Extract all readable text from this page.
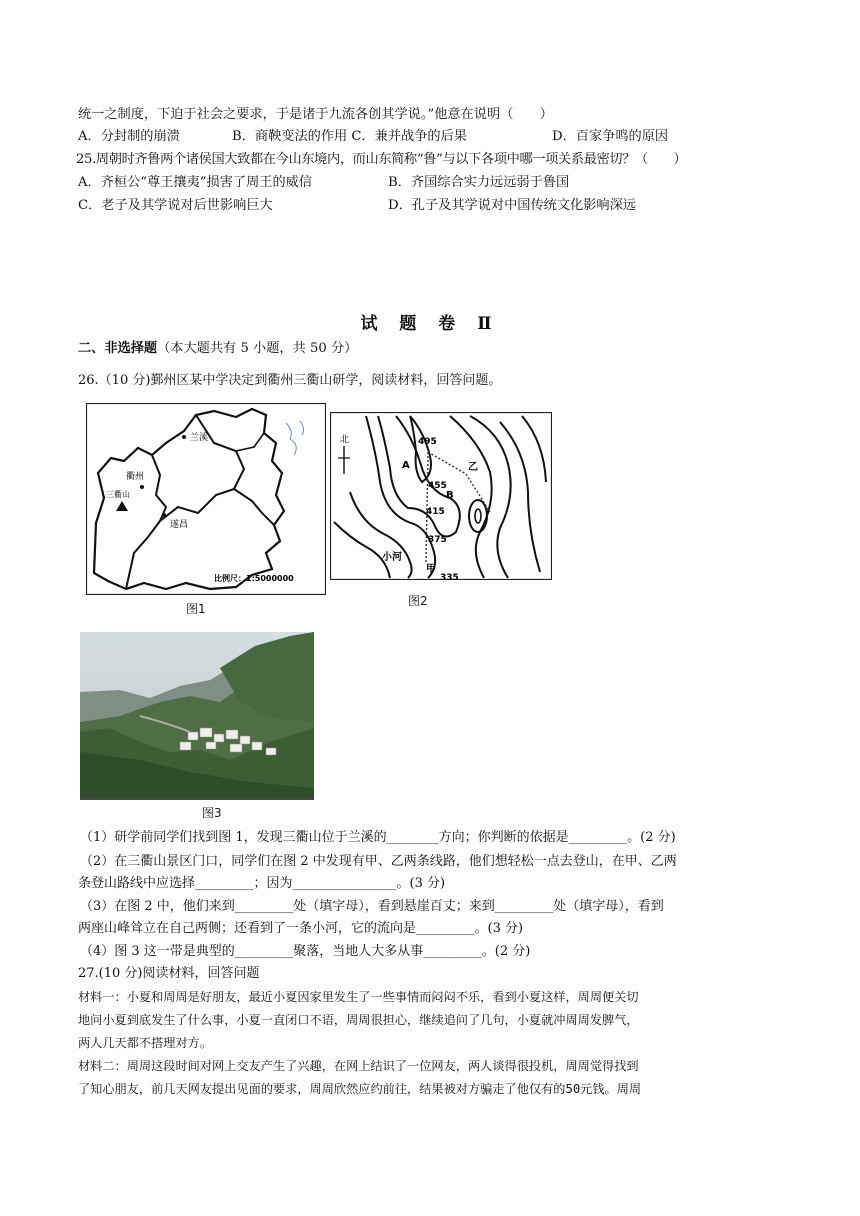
统一之制度，下迫于社会之要求，于是诸于九流各创其学说。”他意在说明（　　）
A．分封制的崩溃	B．商鞅变法的作用 C．兼并战争的后果	D．百家争鸣的原因
25.周朝时齐鲁两个诸侯国大致都在今山东境内，而山东简称“鲁”与以下各项中哪一项关系最密切？（　　）
A．齐桓公“尊王攘夷”损害了周王的威信	B．齐国综合实力远远弱于鲁国
C．老子及其学说对后世影响巨大	D．孔子及其学说对中国传统文化影响深远
试 题 卷 Ⅱ
二、非选择题（本大题共有 5 小题，共 50 分）
26.（10 分)鄞州区某中学决定到衢州三衢山研学，阅读材料，回答问题。
兰溪
衢州
三衢山
遂昌
比例尺：1:5000000
图1
北
A
495
455
B
415
乙
375
小河
甲
335
图2
图3
（1）研学前同学们找到图 1，发现三衢山位于兰溪的________方向；你判断的依据是_________。(2 分)
（2）在三衢山景区门口，同学们在图 2 中发现有甲、乙两条线路，他们想轻松一点去登山，在甲、乙两
条登山路线中应选择_________；因为________________。(3 分)
（3）在图 2 中，他们来到_________处（填字母），看到悬崖百丈；来到_________处（填字母），看到
两座山峰耸立在自己两侧；还看到了一条小河，它的流向是_________。(3 分)
（4）图 3 这一带是典型的_________聚落，当地人大多从事_________。(2 分)
27.(10 分)阅读材料，回答问题
材料一：小夏和周周是好朋友，最近小夏因家里发生了一些事情而闷闷不乐，看到小夏这样，周周便关切
地问小夏到底发生了什么事，小夏一直闭口不语，周周很担心，继续追问了几句，小夏就冲周周发脾气，
两人几天都不搭理对方。
材料二：周周这段时间对网上交友产生了兴趣，在网上结识了一位网友，两人谈得很投机，周周觉得找到
了知心朋友，前几天网友提出见面的要求，周周欣然应约前往，结果被对方骗走了他仅有的50元钱。周周
